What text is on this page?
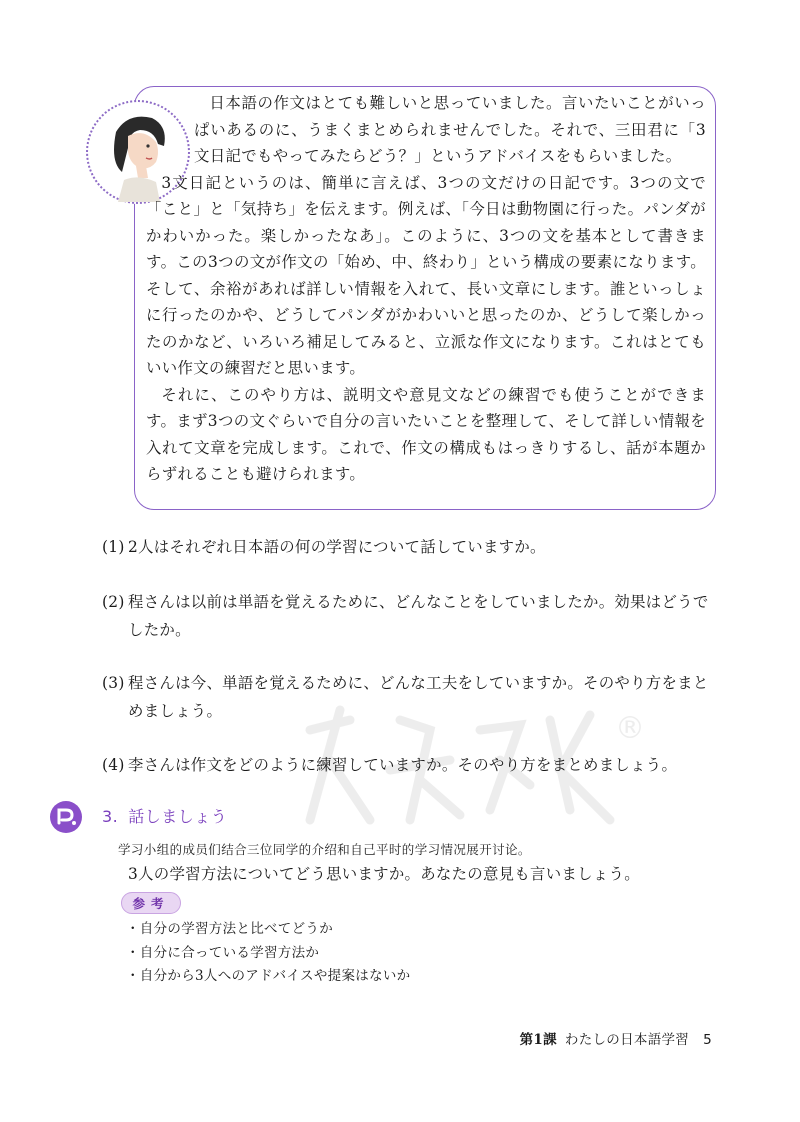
®

日本語の作文はとても難しいと思っていました。言いたいことがいっぱいあるのに、うまくまとめられませんでした。それで、三田君に「3文日記でもやってみたらどう？」というアドバイスをもらいました。

3文日記というのは、簡単に言えば、3つの文だけの日記です。3つの文で「こと」と「気持ち」を伝えます。例えば、「今日は動物園に行った。パンダがかわいかった。楽しかったなあ」。このように、3つの文を基本として書きます。この3つの文が作文の「始め、中、終わり」という構成の要素になります。そして、余裕があれば詳しい情報を入れて、長い文章にします。誰といっしょに行ったのかや、どうしてパンダがかわいいと思ったのか、どうして楽しかったのかなど、いろいろ補足してみると、立派な作文になります。これはとてもいい作文の練習だと思います。

それに、このやり方は、説明文や意見文などの練習でも使うことができます。まず3つの文ぐらいで自分の言いたいことを整理して、そして詳しい情報を入れて文章を完成します。これで、作文の構成もはっきりするし、話が本題からずれることも避けられます。

(1) 2人はそれぞれ日本語の何の学習について話していますか。
(2) 程さんは以前は単語を覚えるために、どんなことをしていましたか。効果はどうでしたか。
(3) 程さんは今、単語を覚えるために、どんな工夫をしていますか。そのやり方をまとめましょう。
(4) 李さんは作文をどのように練習していますか。そのやり方をまとめましょう。
3. 話しましょう
学习小组的成员们结合三位同学的介绍和自己平时的学习情况展开讨论。
3人の学習方法についてどう思いますか。あなたの意見も言いましょう。
参考
・自分の学習方法と比べてどうか
・自分に合っている学習方法か
・自分から3人へのアドバイスや提案はないか
第1課 わたしの日本語学習 5
